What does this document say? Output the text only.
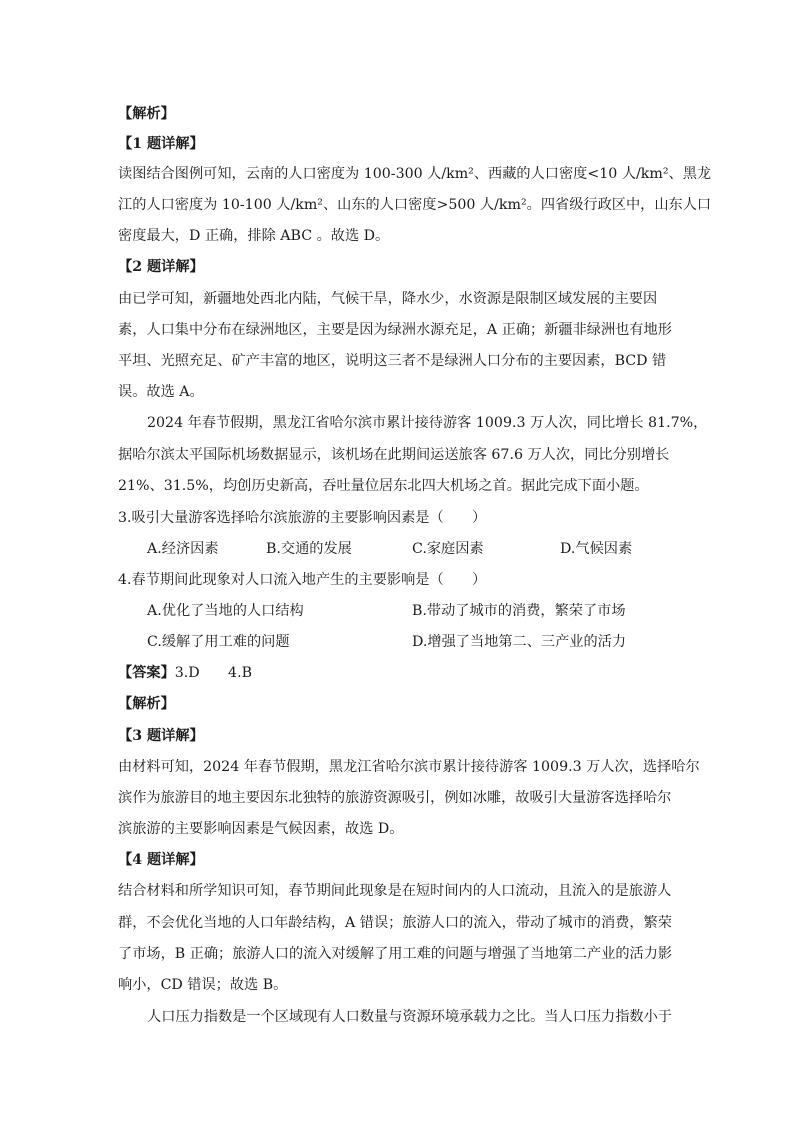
【解析】
【1 题详解】
读图结合图例可知，云南的人口密度为 100-300 人/km²、西藏的人口密度<10 人/km²、黑龙
江的人口密度为 10-100 人/km²、山东的人口密度>500 人/km²。四省级行政区中，山东人口
密度最大，D 正确，排除 ABC 。故选 D。
【2 题详解】
由已学可知，新疆地处西北内陆，气候干旱，降水少，水资源是限制区域发展的主要因
素，人口集中分布在绿洲地区，主要是因为绿洲水源充足，A 正确；新疆非绿洲也有地形
平坦、光照充足、矿产丰富的地区，说明这三者不是绿洲人口分布的主要因素，BCD 错
误。故选 A。
2024 年春节假期，黑龙江省哈尔滨市累计接待游客 1009.3 万人次，同比增长 81.7%，
据哈尔滨太平国际机场数据显示，该机场在此期间运送旅客 67.6 万人次，同比分别增长
21%、31.5%，均创历史新高，吞吐量位居东北四大机场之首。据此完成下面小题。
3.吸引大量游客选择哈尔滨旅游的主要影响因素是（　　）
A.经济因素	B.交通的发展	C.家庭因素	D.气候因素
4.春节期间此现象对人口流入地产生的主要影响是（　　）
A.优化了当地的人口结构	B.带动了城市的消费，繁荣了市场
C.缓解了用工难的问题	D.增强了当地第二、三产业的活力
【答案】3.D　　4.B
【解析】
【3 题详解】
由材料可知，2024 年春节假期，黑龙江省哈尔滨市累计接待游客 1009.3 万人次，选择哈尔
滨作为旅游目的地主要因东北独特的旅游资源吸引，例如冰雕，故吸引大量游客选择哈尔
滨旅游的主要影响因素是气候因素，故选 D。
【4 题详解】
结合材料和所学知识可知，春节期间此现象是在短时间内的人口流动，且流入的是旅游人
群，不会优化当地的人口年龄结构，A 错误；旅游人口的流入，带动了城市的消费，繁荣
了市场，B 正确；旅游人口的流入对缓解了用工难的问题与增强了当地第二产业的活力影
响小，CD 错误；故选 B。
人口压力指数是一个区域现有人口数量与资源环境承载力之比。当人口压力指数小于
